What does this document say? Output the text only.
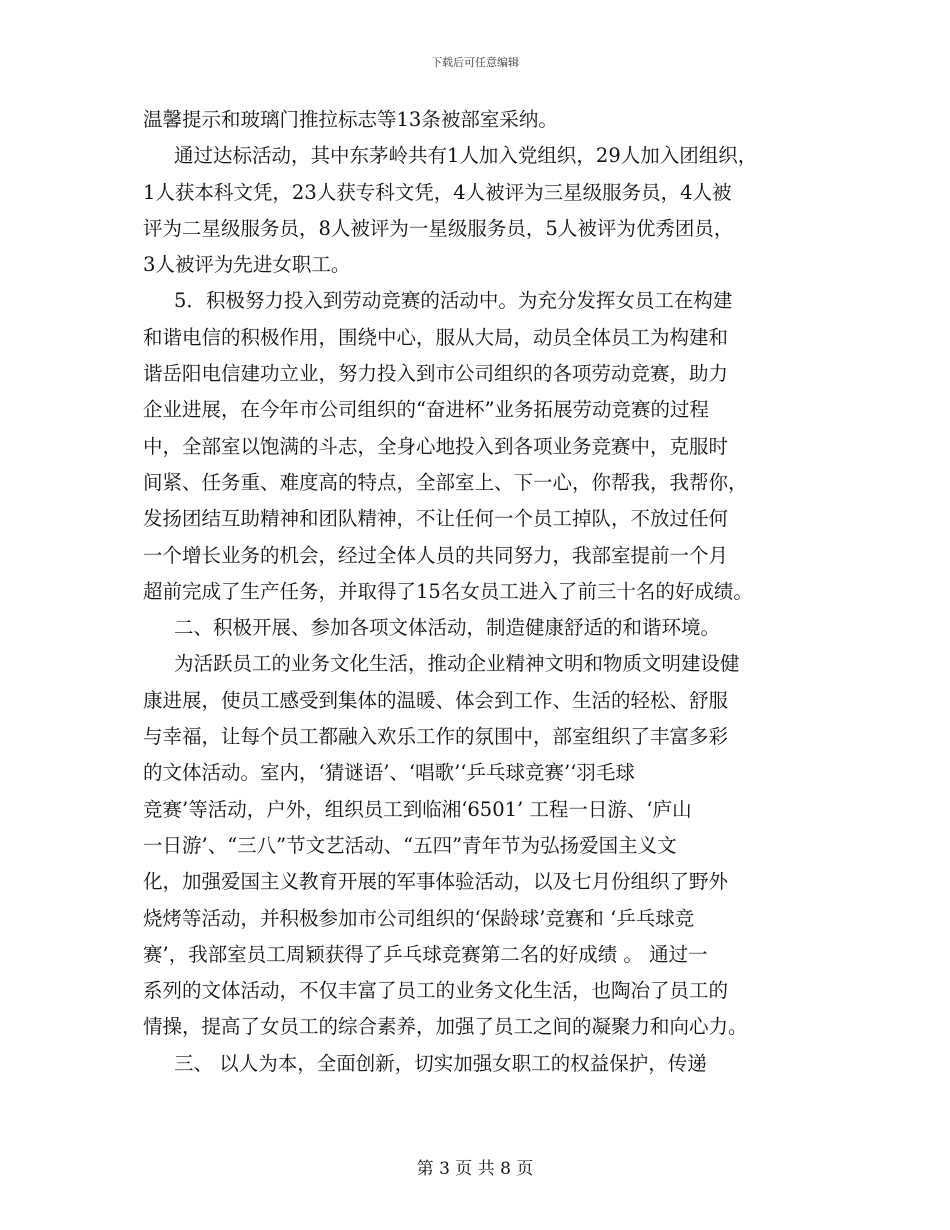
下载后可任意编辑
温馨提示和玻璃门推拉标志等13条被部室采纳。
通过达标活动，其中东茅岭共有1人加入党组织，29人加入团组织，
1人获本科文凭，23人获专科文凭，4人被评为三星级服务员，4人被
评为二星级服务员，8人被评为一星级服务员，5人被评为优秀团员，
3人被评为先进女职工。
5．积极努力投入到劳动竞赛的活动中。为充分发挥女员工在构建
和谐电信的积极作用，围绕中心，服从大局，动员全体员工为构建和
谐岳阳电信建功立业，努力投入到市公司组织的各项劳动竞赛，助力
企业进展，在今年市公司组织的“奋进杯”业务拓展劳动竞赛的过程
中，全部室以饱满的斗志，全身心地投入到各项业务竞赛中，克服时
间紧、任务重、难度高的特点，全部室上、下一心，你帮我，我帮你，
发扬团结互助精神和团队精神，不让任何一个员工掉队，不放过任何
一个增长业务的机会，经过全体人员的共同努力，我部室提前一个月
超前完成了生产任务，并取得了15名女员工进入了前三十名的好成绩。
二、积极开展、参加各项文体活动，制造健康舒适的和谐环境。
为活跃员工的业务文化生活，推动企业精神文明和物质文明建设健
康进展，使员工感受到集体的温暖、体会到工作、生活的轻松、舒服
与幸福，让每个员工都融入欢乐工作的氛围中，部室组织了丰富多彩
的文体活动。室内，‘猜谜语’、‘唱歌’‘乒乓球竞赛’‘羽毛球
竞赛’等活动，户外，组织员工到临湘‘6501’ 工程一日游、‘庐山
一日游’、“三八”节文艺活动、“五四”青年节为弘扬爱国主义文
化，加强爱国主义教育开展的军事体验活动，以及七月份组织了野外
烧烤等活动，并积极参加市公司组织的‘保龄球’竞赛和 ‘乒乓球竞
赛’，我部室员工周颖获得了乒乓球竞赛第二名的好成绩 。 通过一
系列的文体活动，不仅丰富了员工的业务文化生活，也陶冶了员工的
情操，提高了女员工的综合素养，加强了员工之间的凝聚力和向心力。
三、 以人为本，全面创新，切实加强女职工的权益保护，传递
第 3 页 共 8 页
